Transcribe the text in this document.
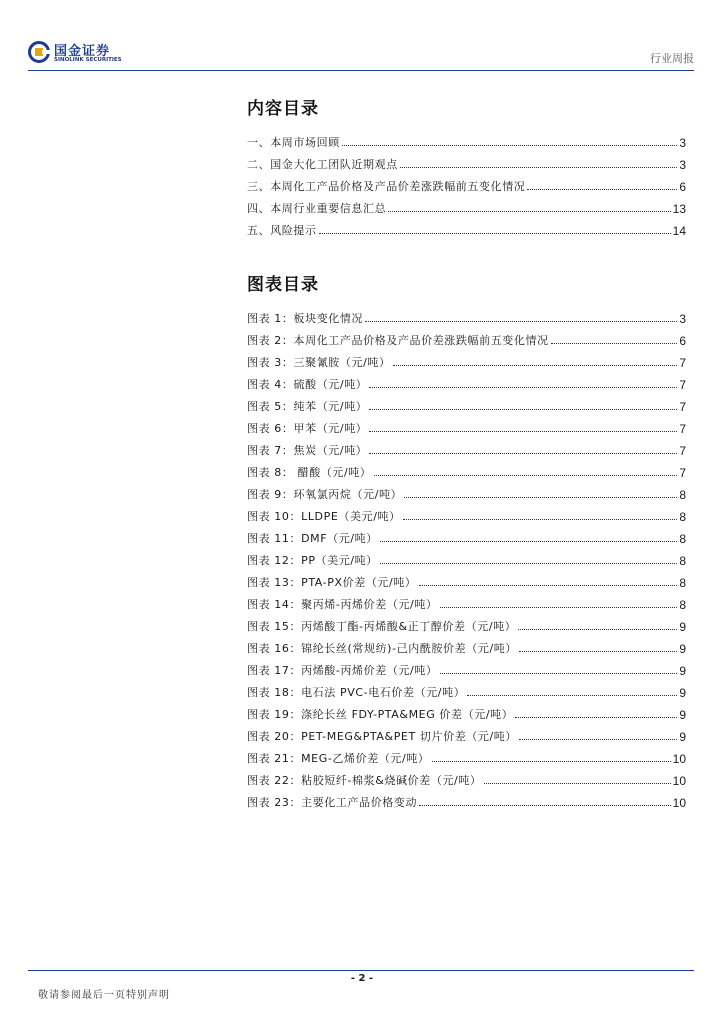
国金证券
SINOLINK SECURITIES	行业周报
内容目录
一、本周市场回顾	3
二、国金大化工团队近期观点	3
三、本周化工产品价格及产品价差涨跌幅前五变化情况	6
四、本周行业重要信息汇总	13
五、风险提示	14
图表目录
图表 1：板块变化情况	3
图表 2：本周化工产品价格及产品价差涨跌幅前五变化情况	6
图表 3：三聚氰胺（元/吨）	7
图表 4：硫酸（元/吨）	7
图表 5：纯苯（元/吨）	7
图表 6：甲苯（元/吨）	7
图表 7：焦炭（元/吨）	7
图表 8： 醋酸（元/吨）	7
图表 9：环氧氯丙烷（元/吨）	8
图表 10：LLDPE（美元/吨）	8
图表 11：DMF（元/吨）	8
图表 12：PP（美元/吨）	8
图表 13：PTA-PX价差（元/吨）	8
图表 14：聚丙烯-丙烯价差（元/吨）	8
图表 15：丙烯酸丁酯-丙烯酸&正丁醇价差（元/吨）	9
图表 16：锦纶长丝(常规纺)-己内酰胺价差（元/吨）	9
图表 17：丙烯酸-丙烯价差（元/吨）	9
图表 18：电石法 PVC-电石价差（元/吨）	9
图表 19：涤纶长丝 FDY-PTA&MEG 价差（元/吨）	9
图表 20：PET-MEG&PTA&PET 切片价差（元/吨）	9
图表 21：MEG-乙烯价差（元/吨）	10
图表 22：粘胶短纤-棉浆&烧碱价差（元/吨）	10
图表 23：主要化工产品价格变动	10
- 2 -
敬请参阅最后一页特别声明
